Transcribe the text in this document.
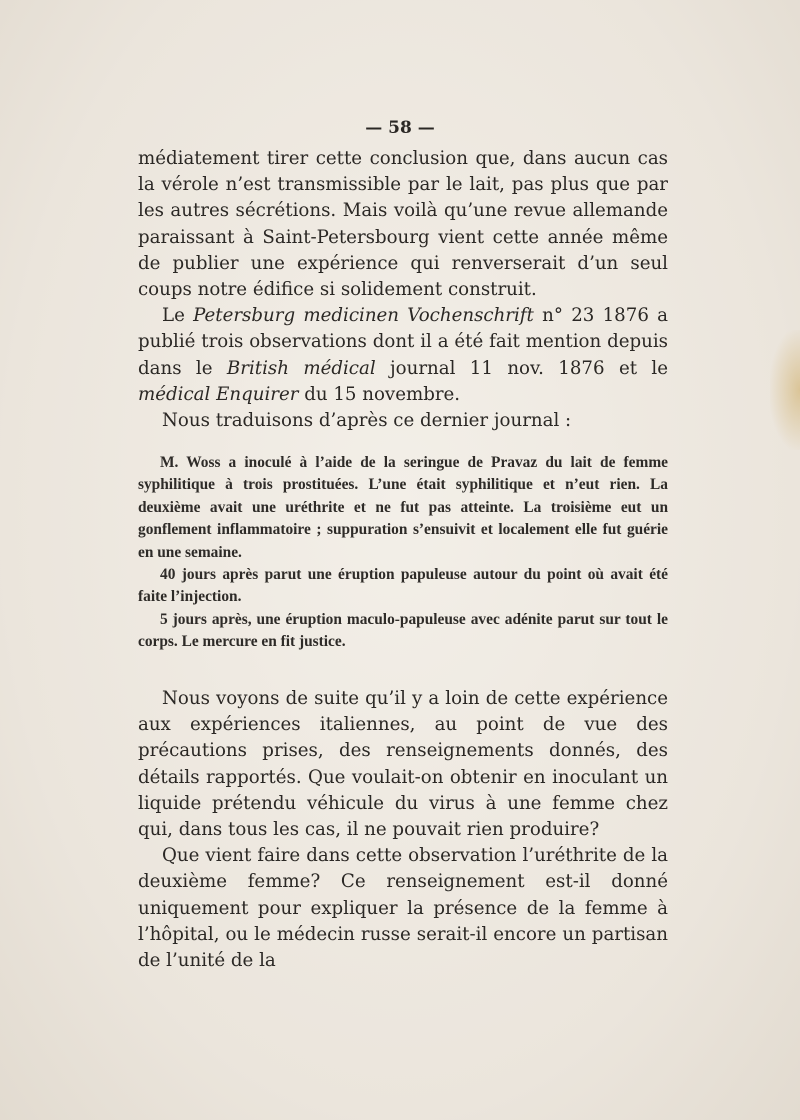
— 58 —

médiatement tirer cette conclusion que, dans aucun cas la vérole n’est transmissible par le lait, pas plus que par les autres sécrétions. Mais voilà qu’une revue allemande paraissant à Saint-Petersbourg vient cette année même de publier une expérience qui renverserait d’un seul coups notre édifice si solidement construit.

Le Petersburg medicinen Vochenschrift n° 23 1876 a publié trois observations dont il a été fait mention depuis dans le British médical journal 11 nov. 1876 et le médical Enquirer du 15 novembre.

Nous traduisons d’après ce dernier journal :

M. Woss a inoculé à l’aide de la seringue de Pravaz du lait de femme syphilitique à trois prostituées. L’une était syphilitique et n’eut rien. La deuxième avait une uréthrite et ne fut pas atteinte. La troisième eut un gonflement inflammatoire ; suppuration s’ensuivit et localement elle fut guérie en une semaine.

40 jours après parut une éruption papuleuse autour du point où avait été faite l’injection.

5 jours après, une éruption maculo-papuleuse avec adénite parut sur tout le corps. Le mercure en fit justice.

Nous voyons de suite qu’il y a loin de cette expérience aux expériences italiennes, au point de vue des précautions prises, des renseignements donnés, des détails rapportés. Que voulait-on obtenir en inoculant un liquide prétendu véhicule du virus à une femme chez qui, dans tous les cas, il ne pouvait rien produire?

Que vient faire dans cette observation l’uréthrite de la deuxième femme? Ce renseignement est-il donné uniquement pour expliquer la présence de la femme à l’hôpital, ou le médecin russe serait-il encore un partisan de l’unité de la
